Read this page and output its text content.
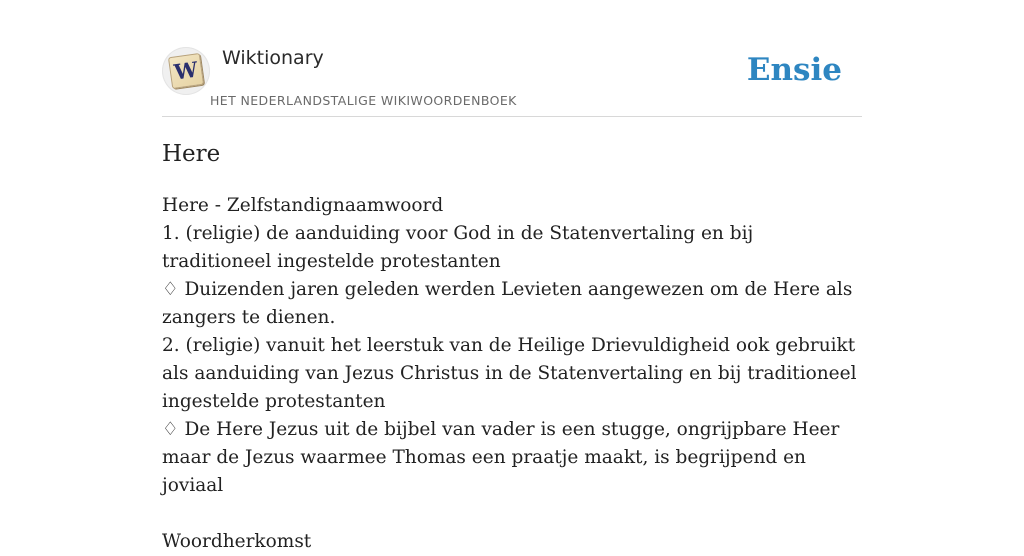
W Wiktionary
HET NEDERLANDSTALIGE WIKIWOORDENBOEK
Ensie
Here

Here - Zelfstandignaamwoord

1. (religie) de aanduiding voor God in de Statenvertaling en bij traditioneel ingestelde protestanten

♢ Duizenden jaren geleden werden Levieten aangewezen om de Here als zangers te dienen.

2. (religie) vanuit het leerstuk van de Heilige Drievuldigheid ook gebruikt als aanduiding van Jezus Christus in de Statenvertaling en bij traditioneel ingestelde protestanten

♢ De Here Jezus uit de bijbel van vader is een stugge, ongrijpbare Heer maar de Jezus waarmee Thomas een praatje maakt, is begrijpend en joviaal

Woordherkomst
